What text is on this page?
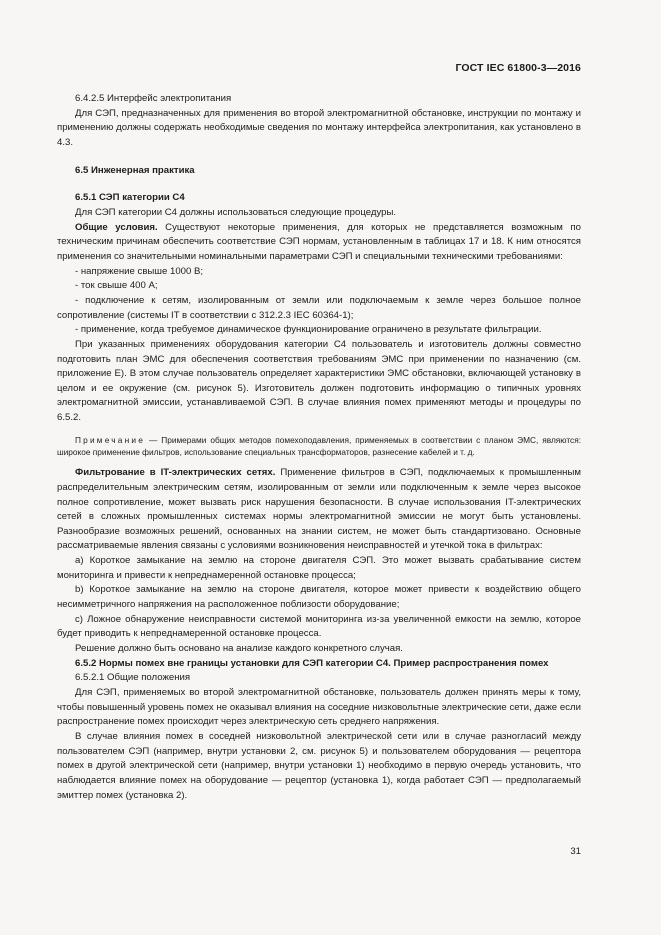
ГОСТ IEC 61800-3—2016

6.4.2.5 Интерфейс электропитания

Для СЭП, предназначенных для применения во второй электромагнитной обстановке, инструкции по монтажу и применению должны содержать необходимые сведения по монтажу интерфейса электропитания, как установлено в 4.3.

6.5 Инженерная практика

6.5.1 СЭП категории С4

Для СЭП категории С4 должны использоваться следующие процедуры.

Общие условия. Существуют некоторые применения, для которых не представляется возможным по техническим причинам обеспечить соответствие СЭП нормам, установленным в таблицах 17 и 18. К ним относятся применения со значительными номинальными параметрами СЭП и специальными техническими требованиями:

- напряжение свыше 1000 В;

- ток свыше 400 А;

- подключение к сетям, изолированным от земли или подключаемым к земле через большое полное сопротивление (системы IT в соответствии с 312.2.3 IEC 60364-1);

- применение, когда требуемое динамическое функционирование ограничено в результате фильтрации.

При указанных применениях оборудования категории С4 пользователь и изготовитель должны совместно подготовить план ЭМС для обеспечения соответствия требованиям ЭМС при применении по назначению (см. приложение Е). В этом случае пользователь определяет характеристики ЭМС обстановки, включающей установку в целом и ее окружение (см. рисунок 5). Изготовитель должен подготовить информацию о типичных уровнях электромагнитной эмиссии, устанавливаемой СЭП. В случае влияния помех применяют методы и процедуры по 6.5.2.

Примечание — Примерами общих методов помехоподавления, применяемых в соответствии с планом ЭМС, являются: широкое применение фильтров, использование специальных трансформаторов, разнесение кабелей и т. д.

Фильтрование в IT-электрических сетях. Применение фильтров в СЭП, подключаемых к промышленным распределительным электрическим сетям, изолированным от земли или подключенным к земле через высокое полное сопротивление, может вызвать риск нарушения безопасности. В случае использования IT-электрических сетей в сложных промышленных системах нормы электромагнитной эмиссии не могут быть установлены. Разнообразие возможных решений, основанных на знании систем, не может быть стандартизовано. Основные рассматриваемые явления связаны с условиями возникновения неисправностей и утечкой тока в фильтрах:

a) Короткое замыкание на землю на стороне двигателя СЭП. Это может вызвать срабатывание систем мониторинга и привести к непреднамеренной остановке процесса;

b) Короткое замыкание на землю на стороне двигателя, которое может привести к воздействию общего несимметричного напряжения на расположенное поблизости оборудование;

c) Ложное обнаружение неисправности системой мониторинга из-за увеличенной емкости на землю, которое будет приводить к непреднамеренной остановке процесса.

Решение должно быть основано на анализе каждого конкретного случая.

6.5.2 Нормы помех вне границы установки для СЭП категории С4. Пример распространения помех

6.5.2.1 Общие положения

Для СЭП, применяемых во второй электромагнитной обстановке, пользователь должен принять меры к тому, чтобы повышенный уровень помех не оказывал влияния на соседние низковольтные электрические сети, даже если распространение помех происходит через электрическую сеть среднего напряжения.

В случае влияния помех в соседней низковольтной электрической сети или в случае разногласий между пользователем СЭП (например, внутри установки 2, см. рисунок 5) и пользователем оборудования — рецептора помех в другой электрической сети (например, внутри установки 1) необходимо в первую очередь установить, что наблюдается влияние помех на оборудование — рецептор (установка 1), когда работает СЭП — предполагаемый эмиттер помех (установка 2).

31
